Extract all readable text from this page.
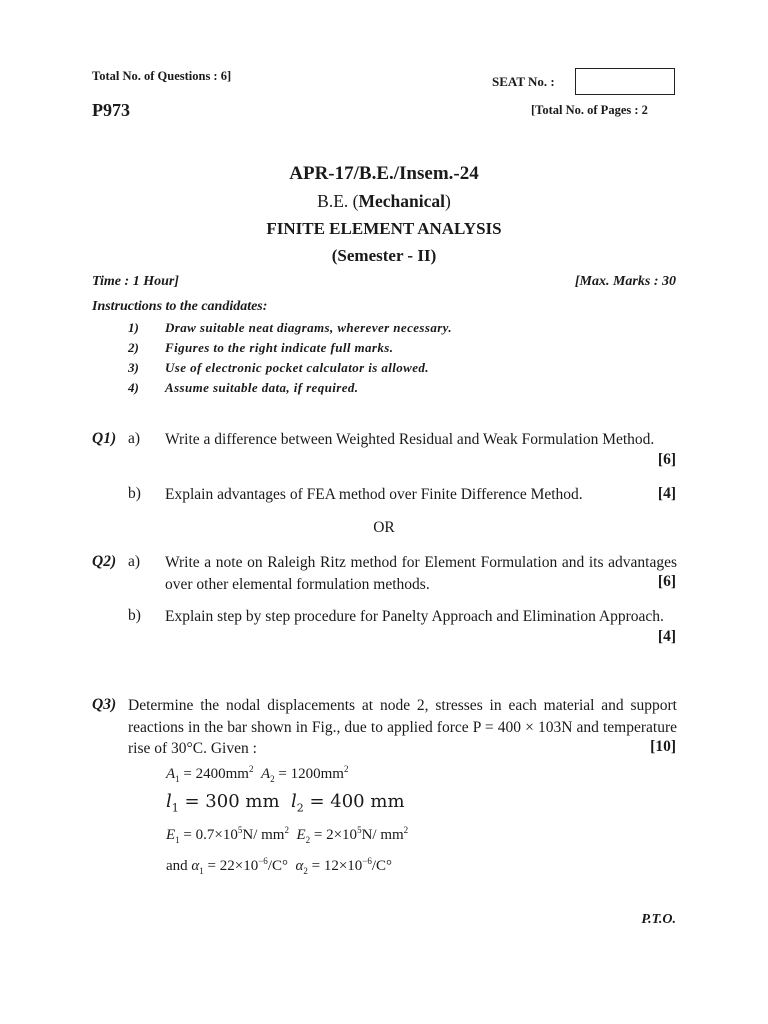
Total No. of Questions : 6]	SEAT No. :
P973	[Total No. of Pages : 2
APR-17/B.E./Insem.-24
B.E. (Mechanical)
FINITE ELEMENT ANALYSIS
(Semester - II)
Time : 1 Hour]	[Max. Marks : 30
Instructions to the candidates:
1) Draw suitable neat diagrams, wherever necessary.
2) Figures to the right indicate full marks.
3) Use of electronic pocket calculator is allowed.
4) Assume suitable data, if required.
Q1) a) Write a difference between Weighted Residual and Weak Formulation Method.
[6]
b) Explain advantages of FEA method over Finite Difference Method.	[4]
OR
Q2) a) Write a note on Raleigh Ritz method for Element Formulation and its advantages over other elemental formulation methods.	[6]
b) Explain step by step procedure for Panelty Approach and Elimination Approach.
[4]
Q3) Determine the nodal displacements at node 2, stresses in each material and support reactions in the bar shown in Fig., due to applied force P = 400 × 103N and temperature rise of 30°C. Given :	[10]
$A_1 = 2400mm^2$ $A_2 = 1200mm^2$
$l_1 = 300$ mm $l_2 = 400$ mm
$E_1 = 0.7\times 10^5N/$ $mm^2$ $E_2 = 2\times 10^5N/$ $mm^2$
and $\alpha_1 = 22\times 10^{-6}/C^\circ$ $\alpha_2 = 12\times 10^{-6}/C^\circ$
P.T.O.
